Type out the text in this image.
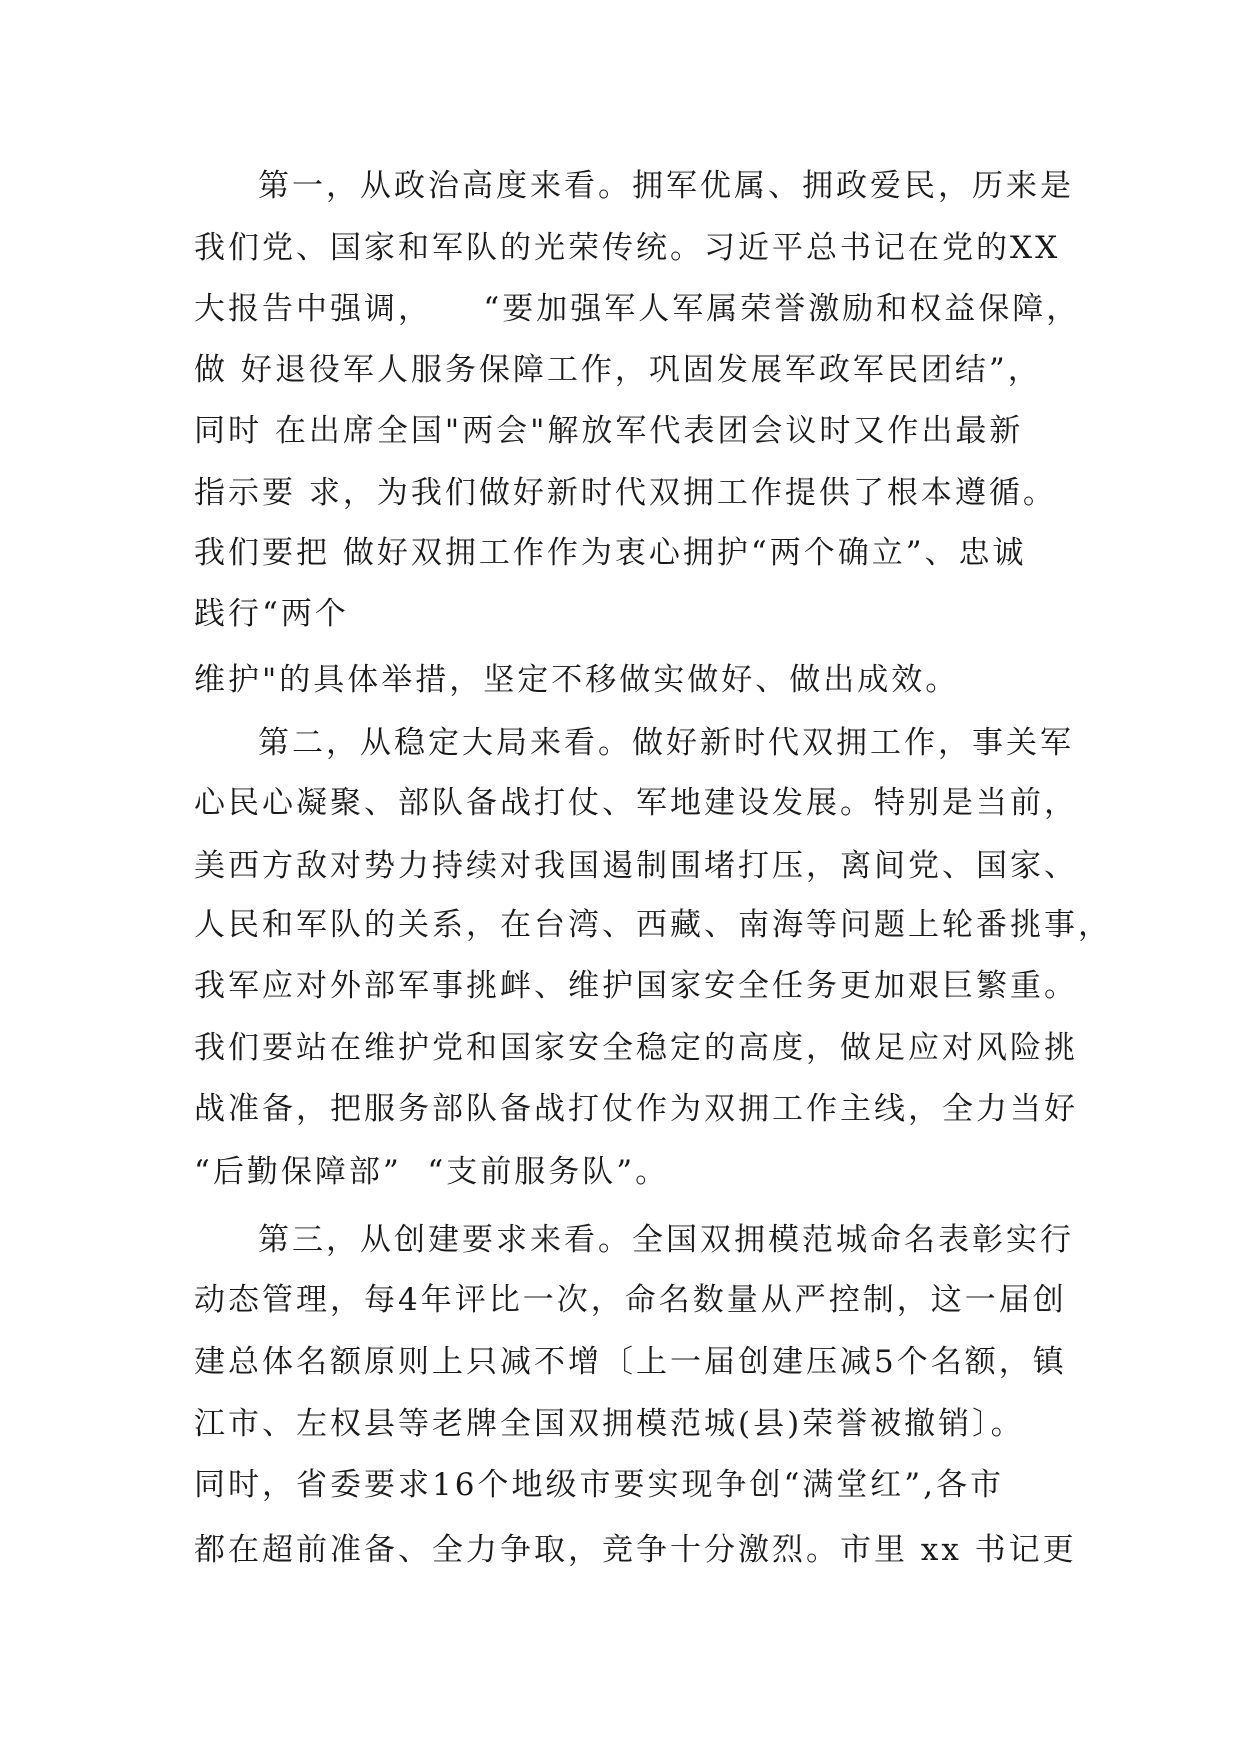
第一，从政治高度来看。拥军优属、拥政爱民，历来是

我们党、国家和军队的光荣传统。习近平总书记在党的XX

大报告中强调，    “要加强军人军属荣誉激励和权益保障，

做 好退役军人服务保障工作，巩固发展军政军民团结”，

同时 在出席全国"两会"解放军代表团会议时又作出最新

指示要 求，为我们做好新时代双拥工作提供了根本遵循。

我们要把 做好双拥工作作为衷心拥护“两个确立”、忠诚

践行“两个

维护"的具体举措，坚定不移做实做好、做出成效。

第二，从稳定大局来看。做好新时代双拥工作，事关军

心民心凝聚、部队备战打仗、军地建设发展。特别是当前，

美西方敌对势力持续对我国遏制围堵打压，离间党、国家、

人民和军队的关系，在台湾、西藏、南海等问题上轮番挑事，

我军应对外部军事挑衅、维护国家安全任务更加艰巨繁重。

我们要站在维护党和国家安全稳定的高度，做足应对风险挑

战准备，把服务部队备战打仗作为双拥工作主线，全力当好

“后勤保障部”  “支前服务队”。

第三，从创建要求来看。全国双拥模范城命名表彰实行

动态管理，每4年评比一次，命名数量从严控制，这一届创

建总体名额原则上只减不增〔上一届创建压减5个名额，镇

江市、左权县等老牌全国双拥模范城(县)荣誉被撤销〕。

同时，省委要求16个地级市要实现争创“满堂红”,各市

都在超前准备、全力争取，竞争十分激烈。市里 xx 书记更
